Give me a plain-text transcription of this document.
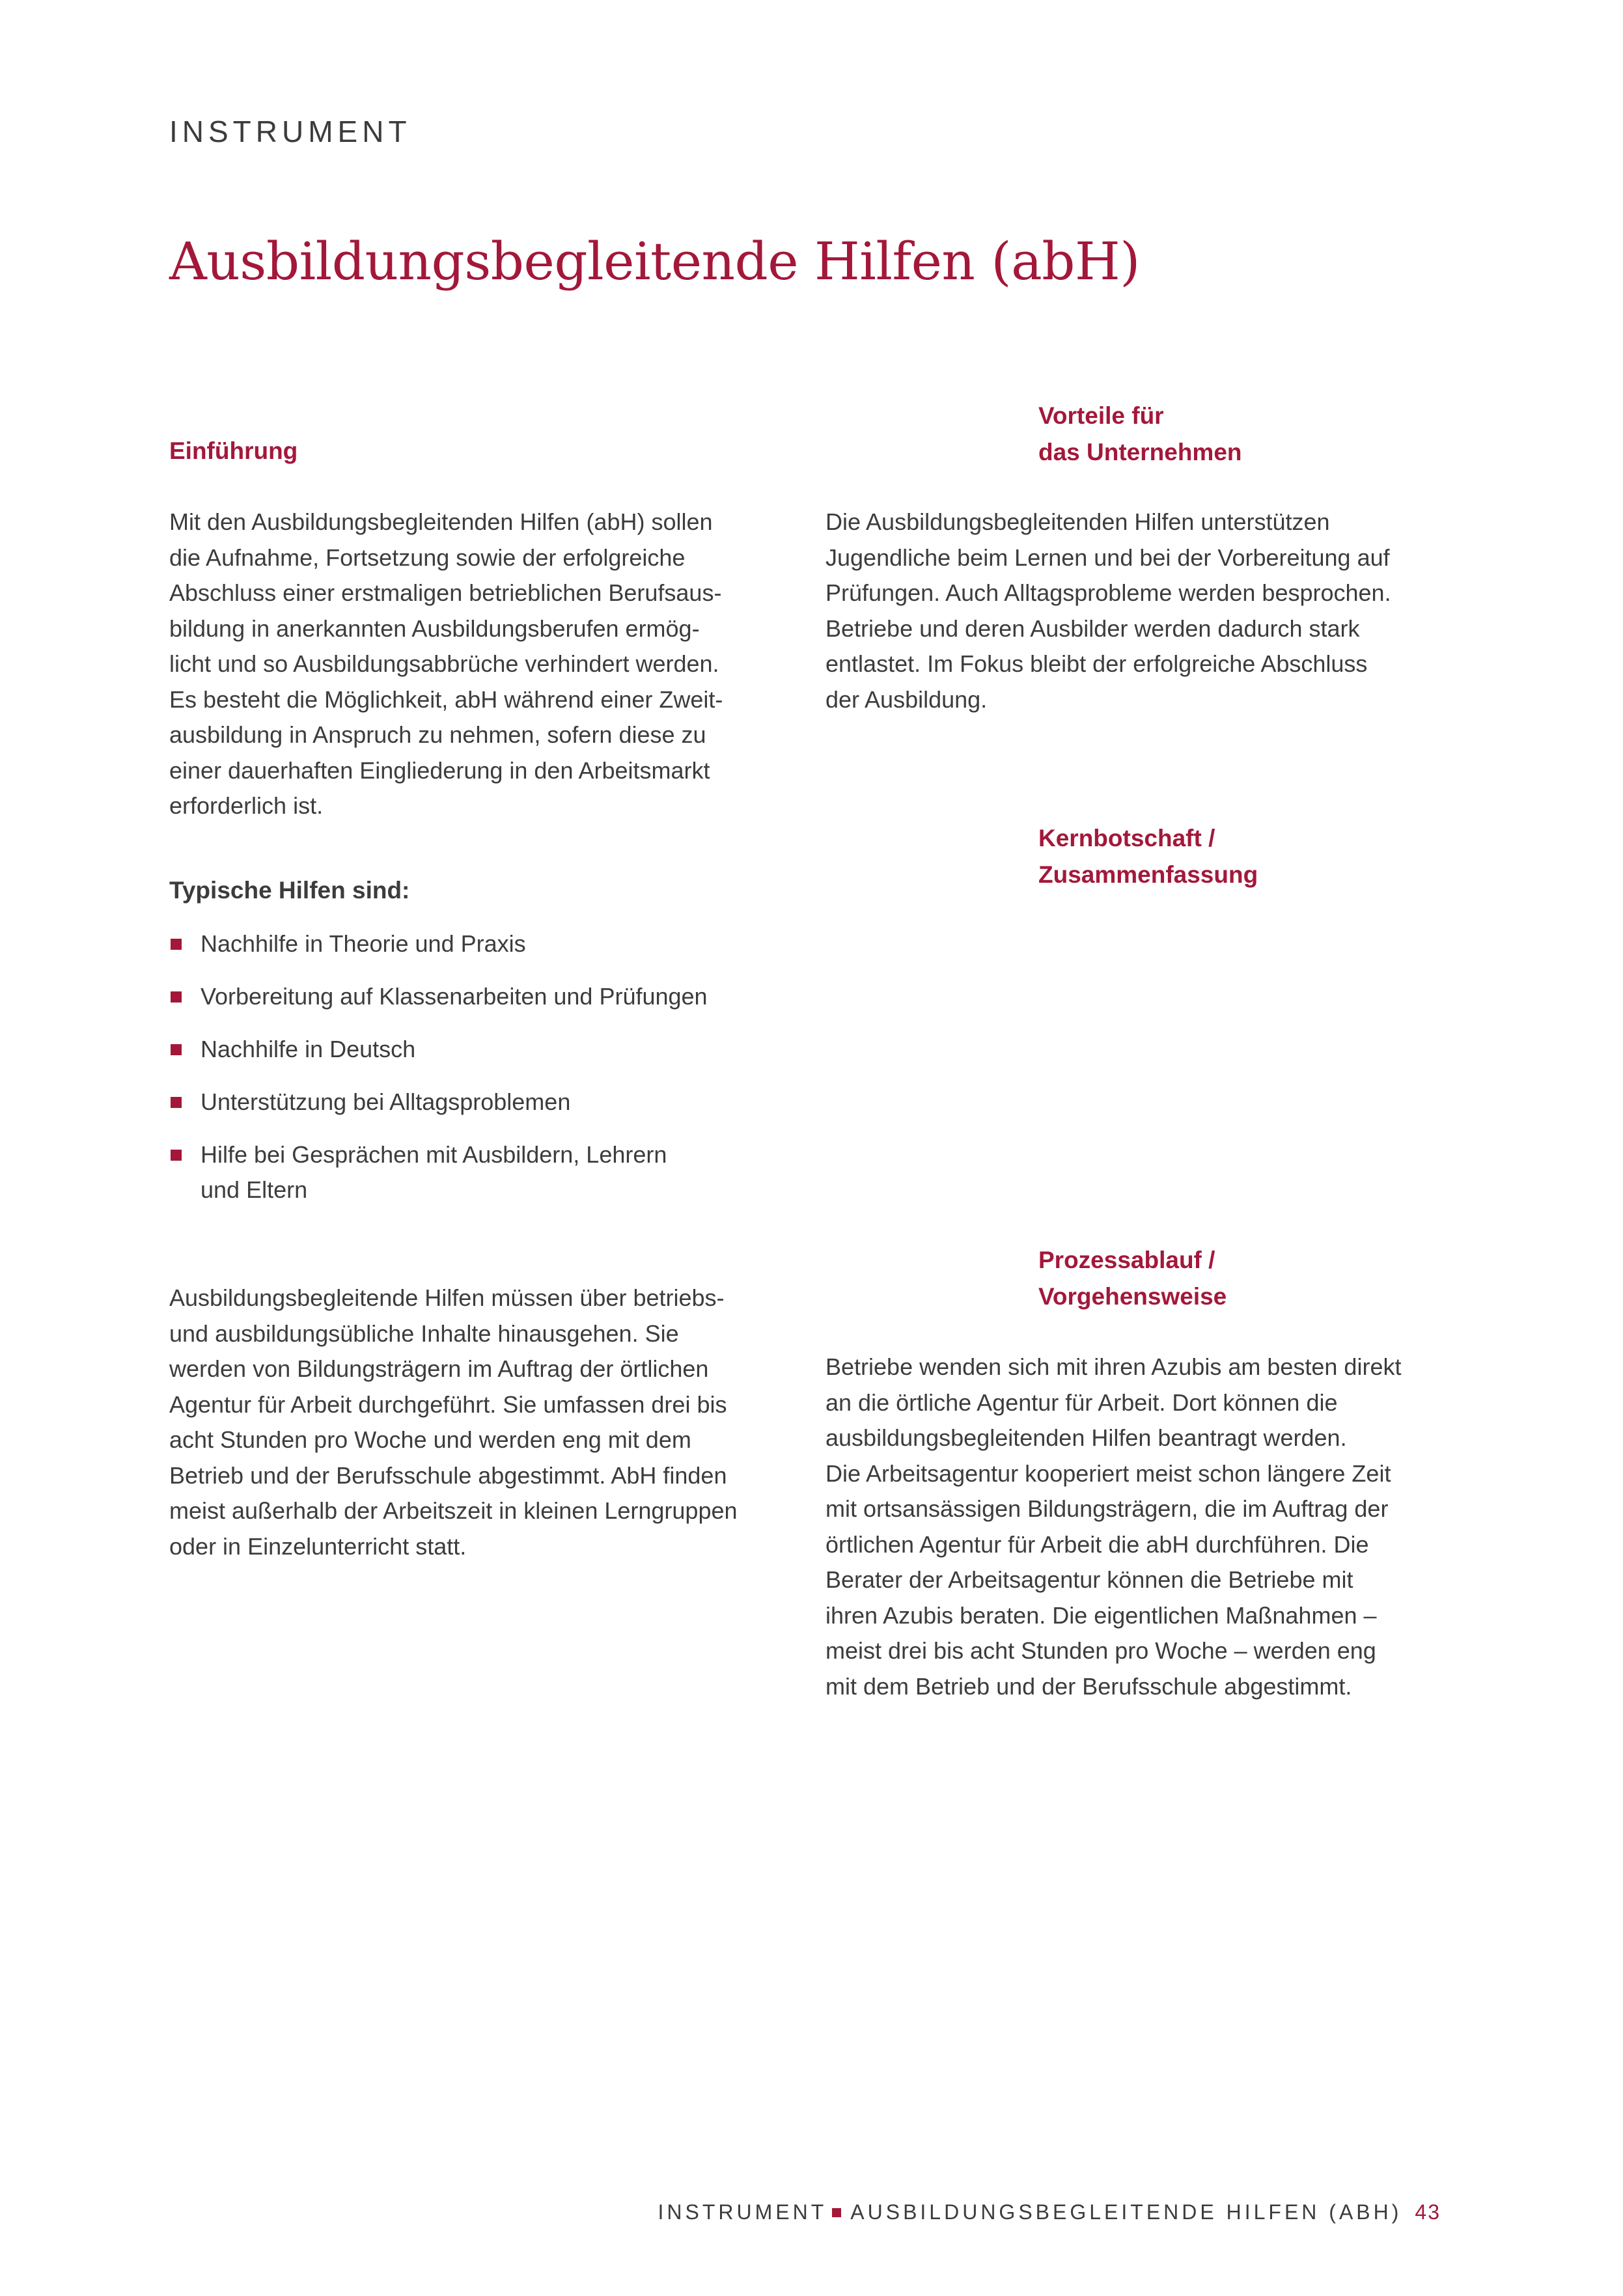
INSTRUMENT
Ausbildungsbegleitende Hilfen (abH)
Einführung

Mit den Ausbildungsbegleitenden Hilfen (abH) sollen
die Aufnahme, Fortsetzung sowie der erfolgreiche
Abschluss einer erstmaligen betrieblichen Berufsaus-
bildung in anerkannten Ausbildungsberufen ermög-
licht und so Ausbildungsabbrüche verhindert werden.
Es besteht die Möglichkeit, abH während einer Zweit-
ausbildung in Anspruch zu nehmen, sofern diese zu
einer dauerhaften Eingliederung in den Arbeitsmarkt
erforderlich ist.

Typische Hilfen sind:
Nachhilfe in Theorie und Praxis
Vorbereitung auf Klassenarbeiten und Prüfungen
Nachhilfe in Deutsch
Unterstützung bei Alltagsproblemen
Hilfe bei Gesprächen mit Ausbildern, Lehrern
und Eltern

Ausbildungsbegleitende Hilfen müssen über betriebs-
und ausbildungsübliche Inhalte hinausgehen. Sie
werden von Bildungsträgern im Auftrag der örtlichen
Agentur für Arbeit durchgeführt. Sie umfassen drei bis
acht Stunden pro Woche und werden eng mit dem
Betrieb und der Berufsschule abgestimmt. AbH finden
meist außerhalb der Arbeitszeit in kleinen Lerngruppen
oder in Einzelunterricht statt.

Vorteile für
das Unternehmen

Die Ausbildungsbegleitenden Hilfen unterstützen
Jugendliche beim Lernen und bei der Vorbereitung auf
Prüfungen. Auch Alltagsprobleme werden besprochen.
Betriebe und deren Ausbilder werden dadurch stark
entlastet. Im Fokus bleibt der erfolgreiche Abschluss
der Ausbildung.

Kernbotschaft /
Zusammenfassung
Prozessablauf /
Vorgehensweise

Betriebe wenden sich mit ihren Azubis am besten direkt
an die örtliche Agentur für Arbeit. Dort können die
ausbildungsbegleitenden Hilfen beantragt werden.
Die Arbeitsagentur kooperiert meist schon längere Zeit
mit ortsansässigen Bildungsträgern, die im Auftrag der
örtlichen Agentur für Arbeit die abH durchführen. Die
Berater der Arbeitsagentur können die Betriebe mit
ihren Azubis beraten. Die eigentlichen Maßnahmen –
meist drei bis acht Stunden pro Woche – werden eng
mit dem Betrieb und der Berufsschule abgestimmt.

INSTRUMENT AUSBILDUNGSBEGLEITENDE HILFEN (ABH) 43
